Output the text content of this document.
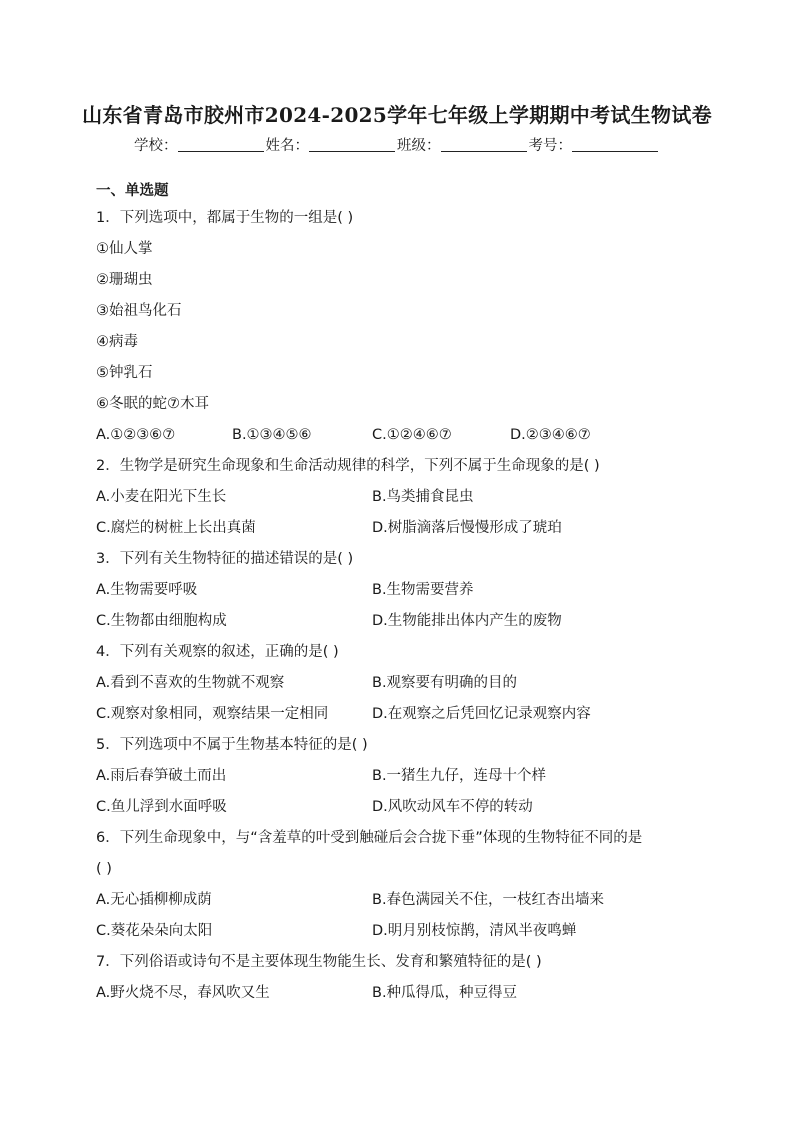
山东省青岛市胶州市2024-2025学年七年级上学期期中考试生物试卷
学校：	姓名：	班级：	考号：
一、单选题
1．下列选项中，都属于生物的一组是( )
①仙人掌
②珊瑚虫
③始祖鸟化石
④病毒
⑤钟乳石
⑥冬眠的蛇⑦木耳
A.①②③⑥⑦	B.①③④⑤⑥	C.①②④⑥⑦	D.②③④⑥⑦
2．生物学是研究生命现象和生命活动规律的科学，下列不属于生命现象的是( )
A.小麦在阳光下生长	B.鸟类捕食昆虫
C.腐烂的树桩上长出真菌	D.树脂滴落后慢慢形成了琥珀
3．下列有关生物特征的描述错误的是( )
A.生物需要呼吸	B.生物需要营养
C.生物都由细胞构成	D.生物能排出体内产生的废物
4．下列有关观察的叙述，正确的是( )
A.看到不喜欢的生物就不观察	B.观察要有明确的目的
C.观察对象相同，观察结果一定相同	D.在观察之后凭回忆记录观察内容
5．下列选项中不属于生物基本特征的是( )
A.雨后春笋破土而出	B.一猪生九仔，连母十个样
C.鱼儿浮到水面呼吸	D.风吹动风车不停的转动
6．下列生命现象中，与“含羞草的叶受到触碰后会合拢下垂”体现的生物特征不同的是
( )
A.无心插柳柳成荫	B.春色满园关不住，一枝红杏出墙来
C.葵花朵朵向太阳	D.明月别枝惊鹊，清风半夜鸣蝉
7．下列俗语或诗句不是主要体现生物能生长、发育和繁殖特征的是( )
A.野火烧不尽，春风吹又生	B.种瓜得瓜，种豆得豆
